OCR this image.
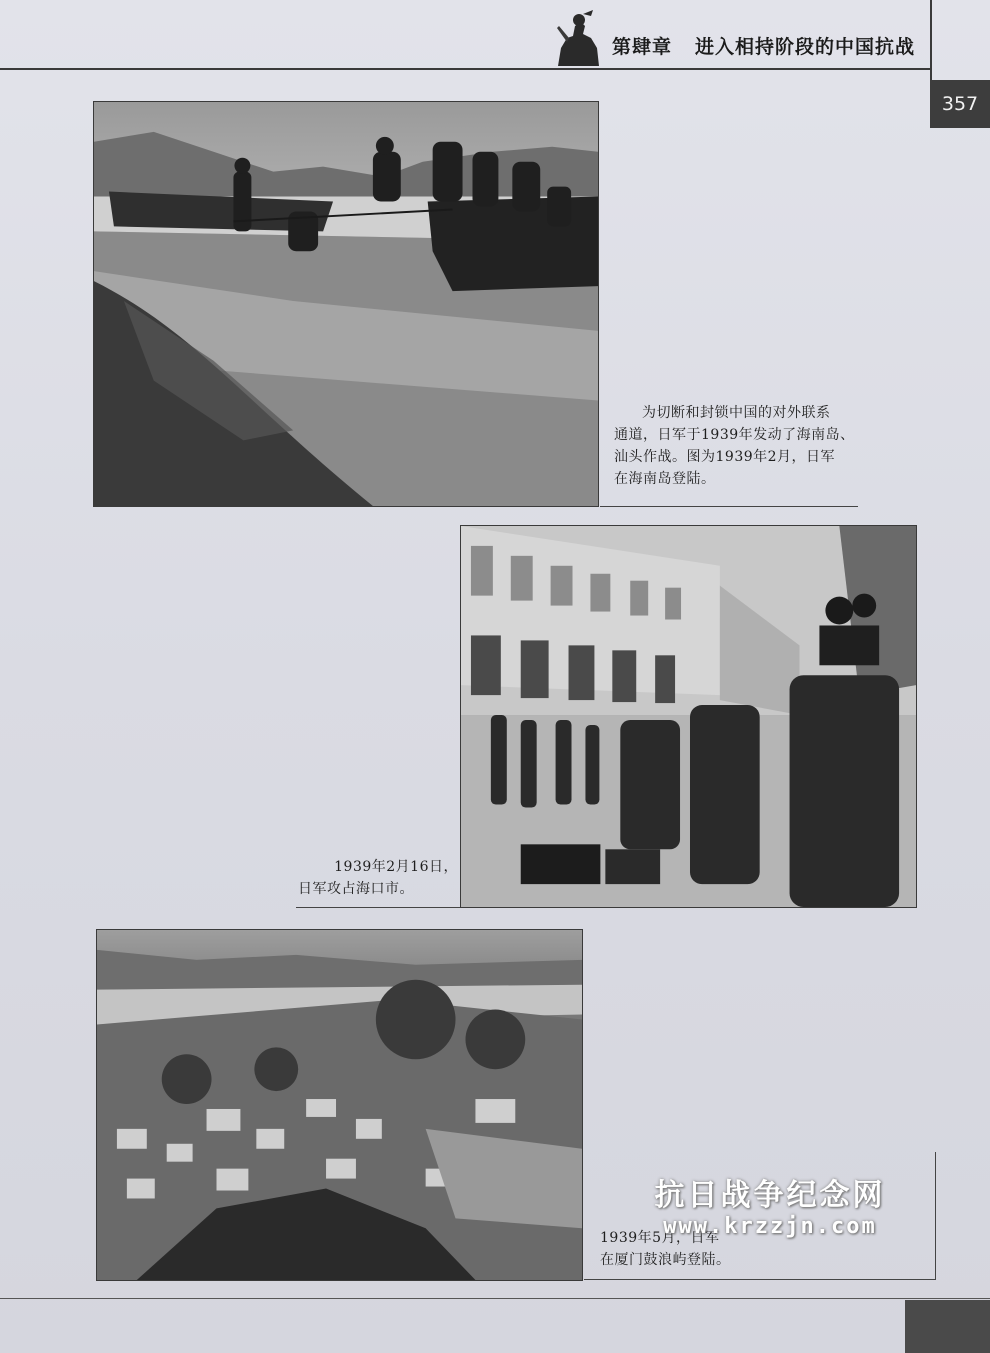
第肆章 进入相持阶段的中国抗战
357
为切断和封锁中国的对外联系
通道，日军于1939年发动了海南岛、
汕头作战。图为1939年2月，日军
在海南岛登陆。
1939年2月16日，
日军攻占海口市。
1939年5月，日军
在厦门鼓浪屿登陆。
抗日战争纪念网
www.krzzjn.com
